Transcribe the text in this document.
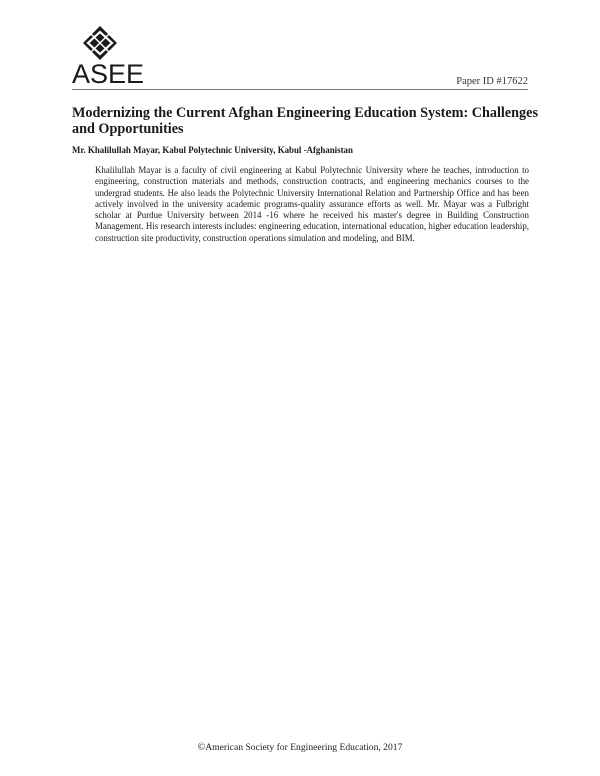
ASEE	Paper ID #17622
Modernizing the Current Afghan Engineering Education System: Challenges and Opportunities

Mr. Khalilullah Mayar, Kabul Polytechnic University, Kabul -Afghanistan

Khalilullah Mayar is a faculty of civil engineering at Kabul Polytechnic University where he teaches, introduction to engineering, construction materials and methods, construction contracts, and engineering mechanics courses to the undergrad students. He also leads the Polytechnic University International Relation and Partnership Office and has been actively involved in the university academic programs-quality assurance efforts as well. Mr. Mayar was a Fulbright scholar at Purdue University between 2014 -16 where he received his master's degree in Building Construction Management. His research interests includes: engineering education, international education, higher education leadership, construction site productivity, construction operations simulation and modeling, and BIM.

©American Society for Engineering Education, 2017
